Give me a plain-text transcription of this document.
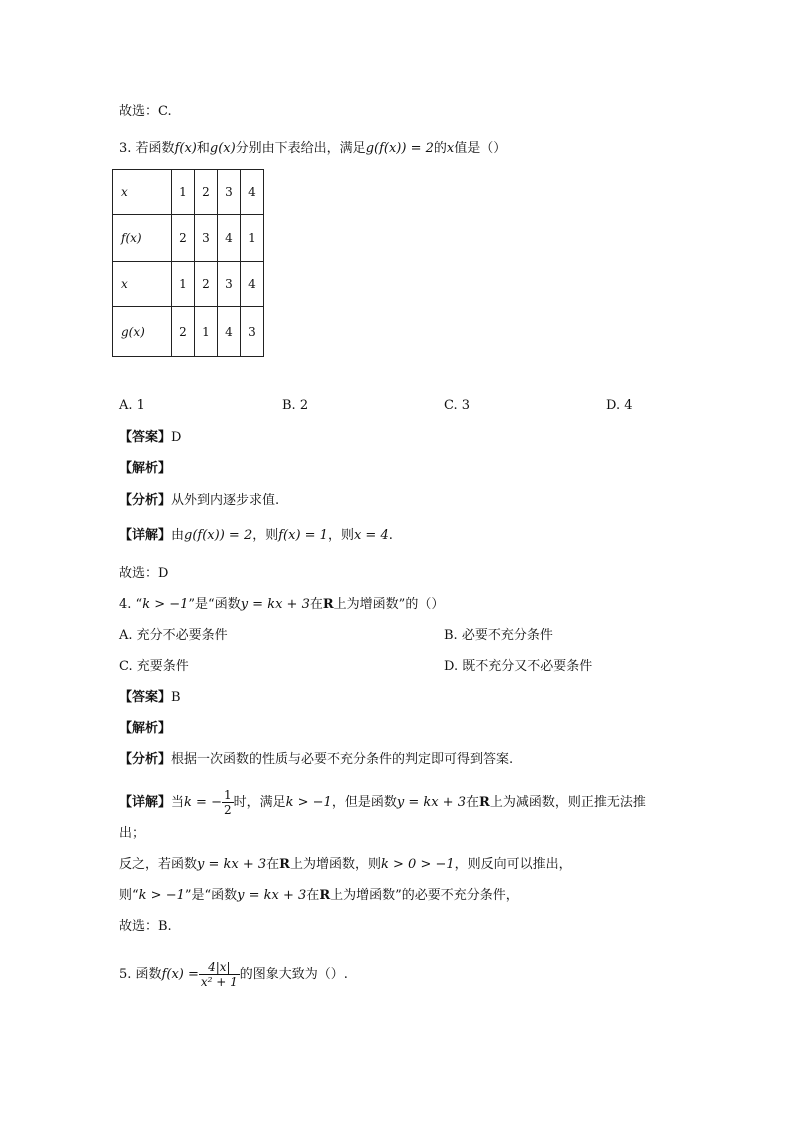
故选：C.
3. 若函数f(x)和g(x)分别由下表给出，满足g(f(x)) = 2的x值是（）
x	1	2	3	4
f(x)	2	3	4	1
x	1	2	3	4
g(x)	2	1	4	3
A. 1	B. 2	C. 3	D. 4
【答案】D
【解析】
【分析】从外到内逐步求值.
【详解】由g(f(x)) = 2，则f(x) = 1，则x = 4.
故选：D
4. “k > −1”是“函数y = kx + 3在R上为增函数”的（）
A. 充分不必要条件	B. 必要不充分条件
C. 充要条件	D. 既不充分又不必要条件
【答案】B
【解析】
【分析】根据一次函数的性质与必要不充分条件的判定即可得到答案.
【详解】当k = − $\frac{1}{2}$ 时，满足k > −1，但是函数y = kx + 3在R上为减函数，则正推无法推
出；
反之，若函数y = kx + 3在R上为增函数，则k > 0 > −1，则反向可以推出，
则“k > −1”是“函数y = kx + 3在R上为增函数”的必要不充分条件，
故选：B.
5. 函数$f(x) = \frac{4|x|}{\text{x² + 1}}$ 的图象大致为（）.
